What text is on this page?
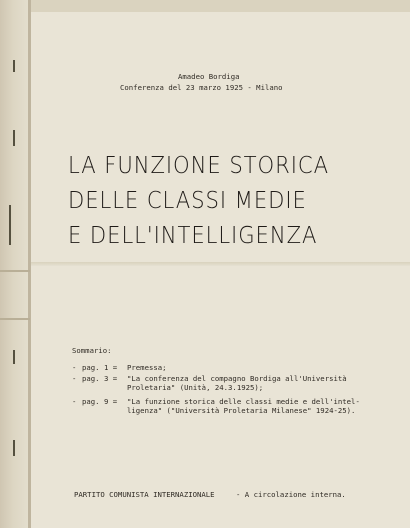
Amadeo Bordiga
Conferenza del 23 marzo 1925 - Milano
LA FUNZIONE STORICA
DELLE CLASSI MEDIE
E DELL'INTELLIGENZA
Sommario:
- pag. 1 =	Premessa;
- pag. 3 =	"La conferenza del compagno Bordiga all'Università
Proletaria" (Unità, 24.3.1925);
- pag. 9 =	"La funzione storica delle classi medie e dell'intel-
ligenza" ("Università Proletaria Milanese" 1924-25).
PARTITO COMUNISTA INTERNAZIONALE	- A circolazione interna.
